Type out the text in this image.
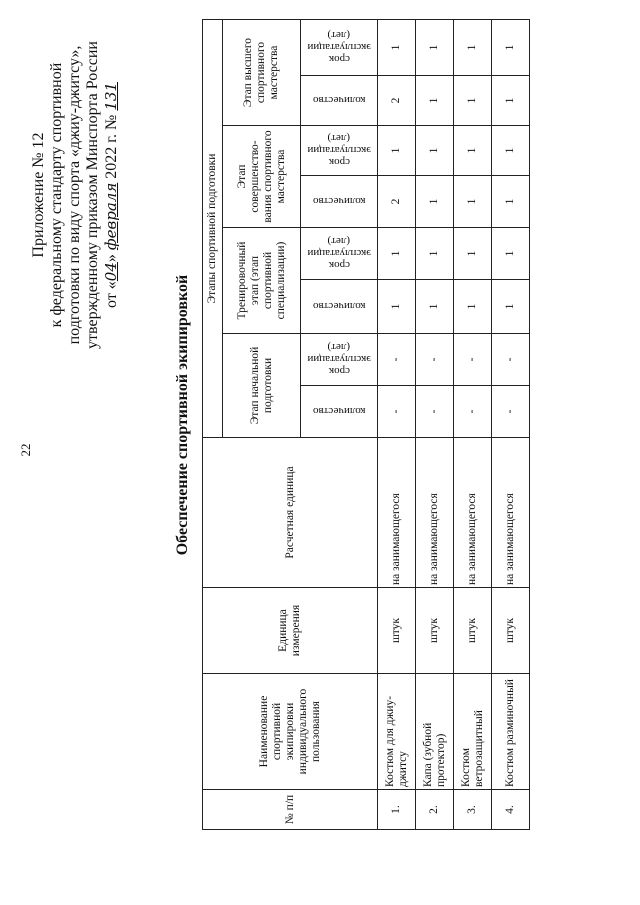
22
Приложение № 12 к федеральному стандарту спортивной подготовки по виду спорта «джиу-джитсу», утвержденному приказом Минспорта России от «04» февраля 2022 г. № 131
Обеспечение спортивной экипировкой
№ п/п	Наименование спортивной экипировки индивидуального пользования	Единица измерения	Расчетная единица	Этапы спортивной подготовки							
				Этап начальной подготовки		Тренировочный этап (этап спортивной специализации)		Этап совершенство- вания спортивного мастерства		Этап высшего спортивного мастерства	

				количество	срок эксплуатации (лет)	количество	срок эксплуатации (лет)	количество	срок эксплуатации (лет)	количество	срок эксплуатации (лет)

1.	Костюм для джиу-джитсу	штук	на занимающегося	-	-	1	1	2	1	2	1
2.	Капа (зубной протектор)	штук	на занимающегося	-	-	1	1	1	1	1	1
3.	Костюм ветрозащитный	штук	на занимающегося	-	-	1	1	1	1	1	1
4.	Костюм разминочный	штук	на занимающегося	-	-	1	1	1	1	1	1
